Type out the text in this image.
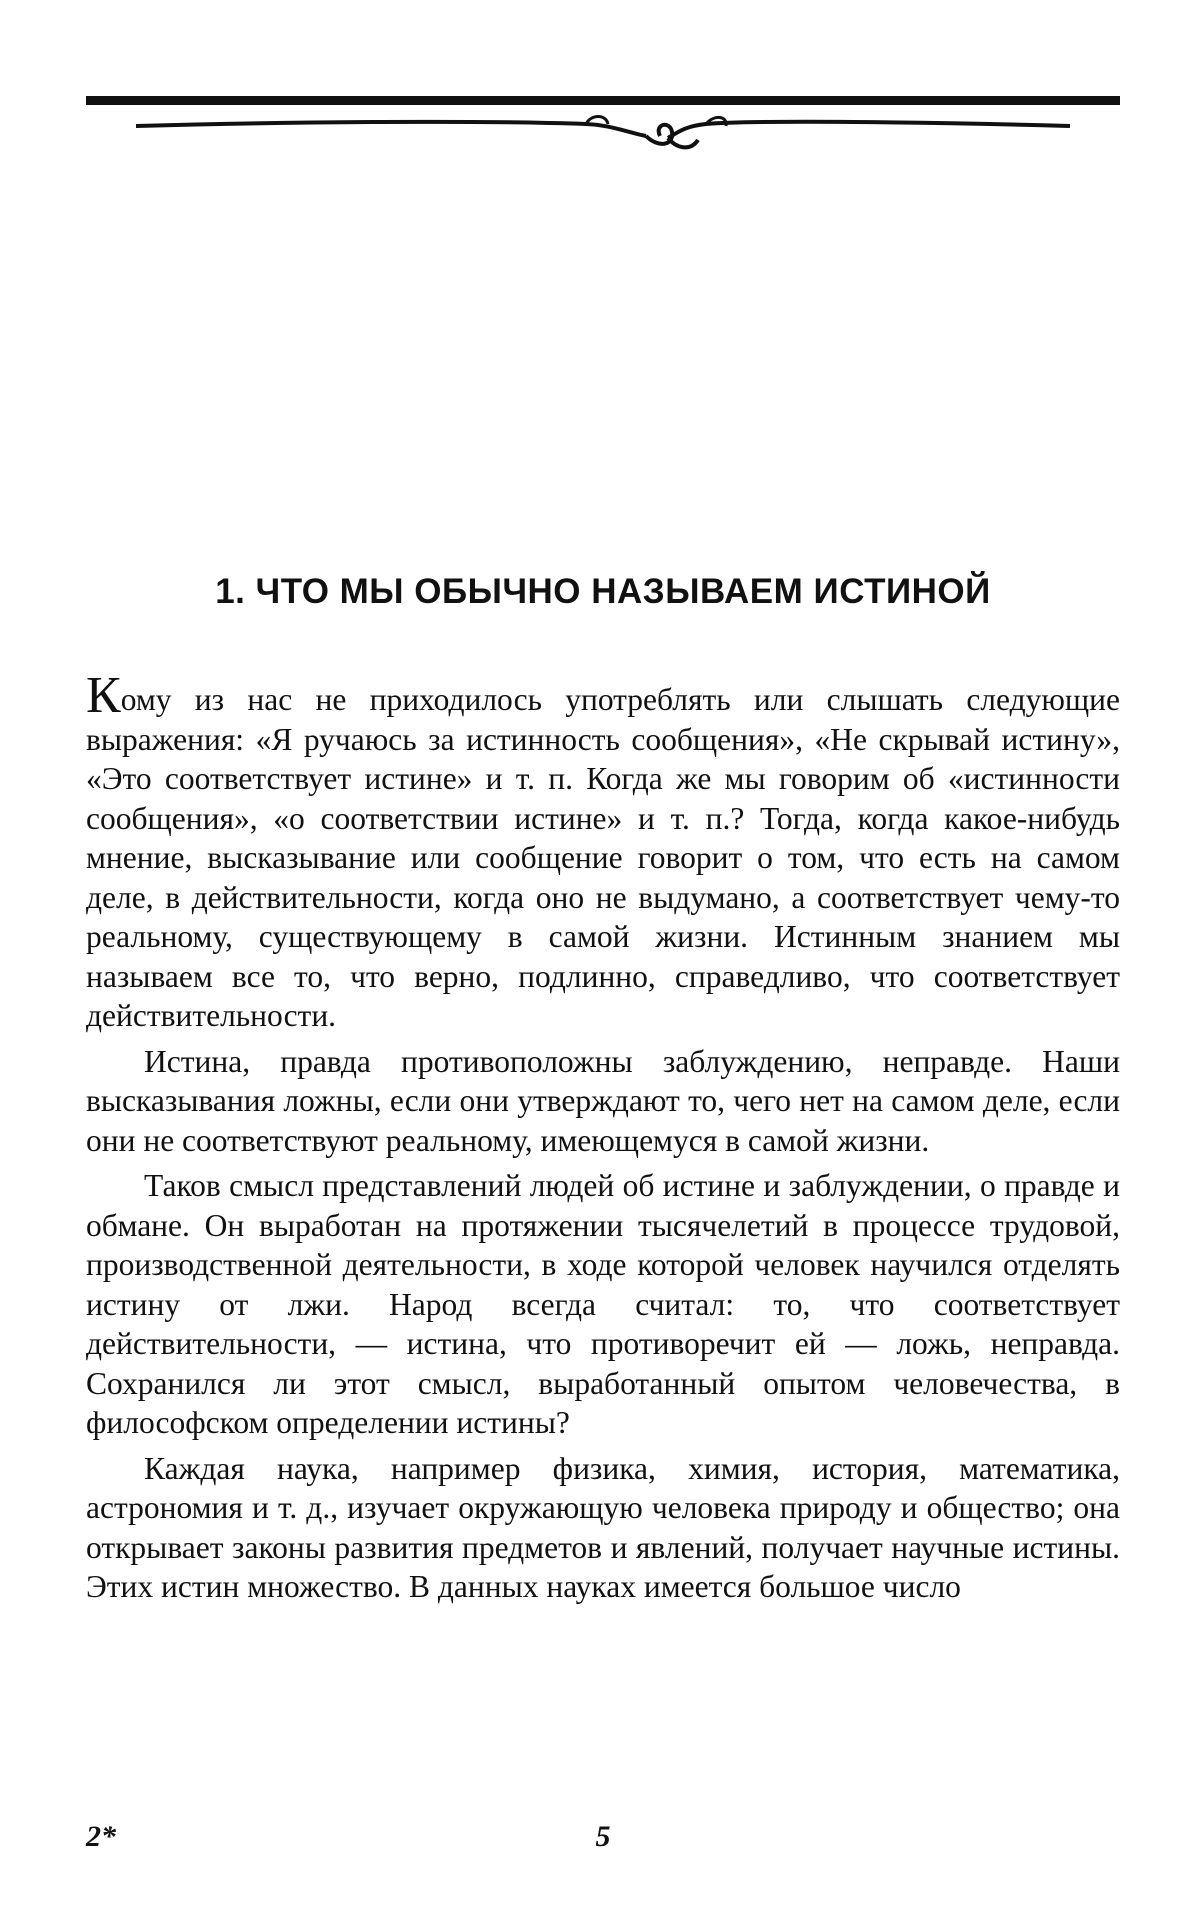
1. ЧТО МЫ ОБЫЧНО НАЗЫВАЕМ ИСТИНОЙ

Кому из нас не приходилось употреблять или слышать следующие выражения: «Я ручаюсь за истинность сообщения», «Не скрывай истину», «Это соответствует истине» и т. п. Когда же мы говорим об «истинности сообщения», «о соответствии истине» и т. п.? Тогда, когда какое-нибудь мнение, высказывание или сообщение говорит о том, что есть на самом деле, в действительности, когда оно не выдумано, а соответствует чему-то реальному, существующему в самой жизни. Истинным знанием мы называем все то, что верно, подлинно, справедливо, что соответствует действительности.

Истина, правда противоположны заблуждению, неправде. Наши высказывания ложны, если они утверждают то, чего нет на самом деле, если они не соответствуют реальному, имеющемуся в самой жизни.

Таков смысл представлений людей об истине и заблуждении, о правде и обмане. Он выработан на протяжении тысячелетий в процессе трудовой, производственной деятельности, в ходе которой человек научился отделять истину от лжи. Народ всегда считал: то, что соответствует действительности, — истина, что противоречит ей — ложь, неправда. Сохранился ли этот смысл, выработанный опытом человечества, в философском определении истины?

Каждая наука, например физика, химия, история, математика, астрономия и т. д., изучает окружающую человека природу и общество; она открывает законы развития предметов и явлений, получает научные истины. Этих истин множество. В данных науках имеется большое число

2*	5
